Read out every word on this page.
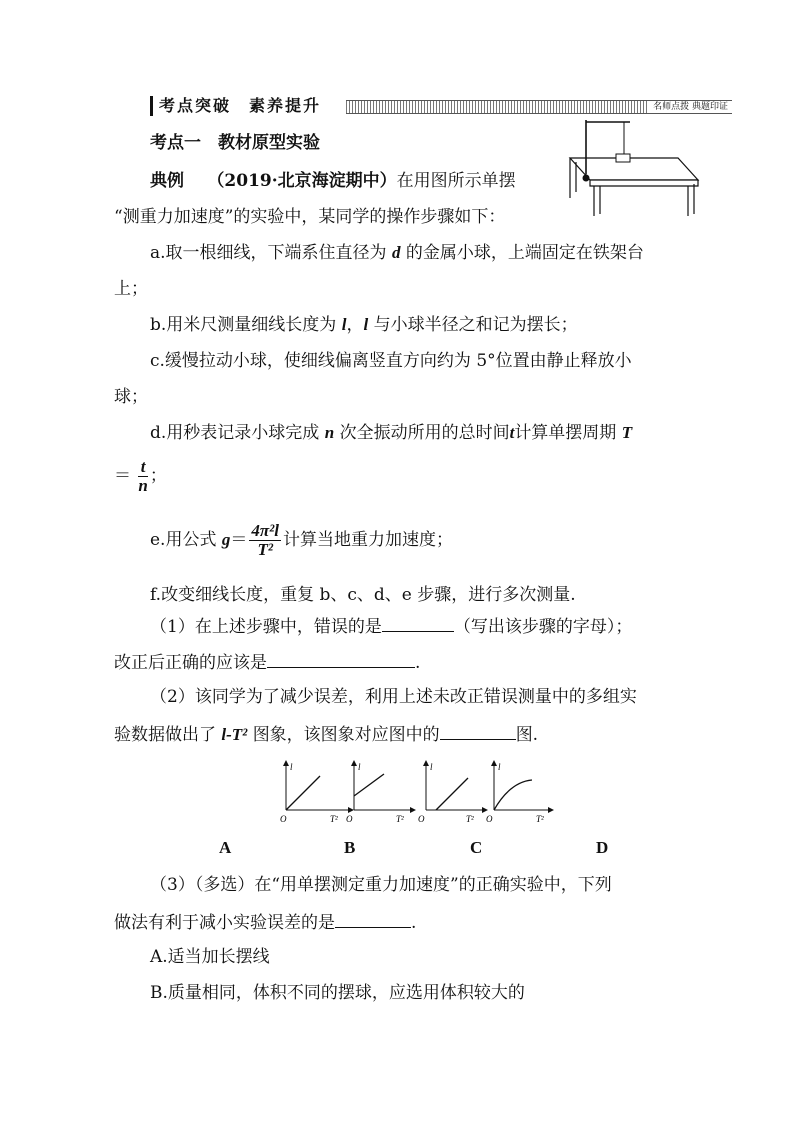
考点突破　素养提升	名师点拨 典题印证
考点一　教材原型实验
典例 （2019·北京海淀期中）在用图所示单摆
“测重力加速度”的实验中，某同学的操作步骤如下：
a.取一根细线，下端系住直径为 d 的金属小球，上端固定在铁架台
上；
b.用米尺测量细线长度为 l，l 与小球半径之和记为摆长；
c.缓慢拉动小球，使细线偏离竖直方向约为 5°位置由静止释放小
球；
d.用秒表记录小球完成 n 次全振动所用的总时间t计算单摆周期 T
＝ $\frac{t}{n}$ ；
e.用公式 $g= \frac{\text{4π²l}}{\text{T²}}$ 计算当地重力加速度；
f.改变细线长度，重复 b、c、d、e 步骤，进行多次测量.
（1）在上述步骤中，错误的是	（写出该步骤的字母）；
改正后正确的应该是	.
（2）该同学为了减少误差，利用上述未改正错误测量中的多组实
验数据做出了 l-T² 图象，该图象对应图中的	图.
l
T²
O
l
T²
O
l
T²
O
l
T²
O
A	B	C	D
（3）（多选）在“用单摆测定重力加速度”的正确实验中，下列
做法有利于减小实验误差的是	.
A.适当加长摆线
B.质量相同，体积不同的摆球，应选用体积较大的
